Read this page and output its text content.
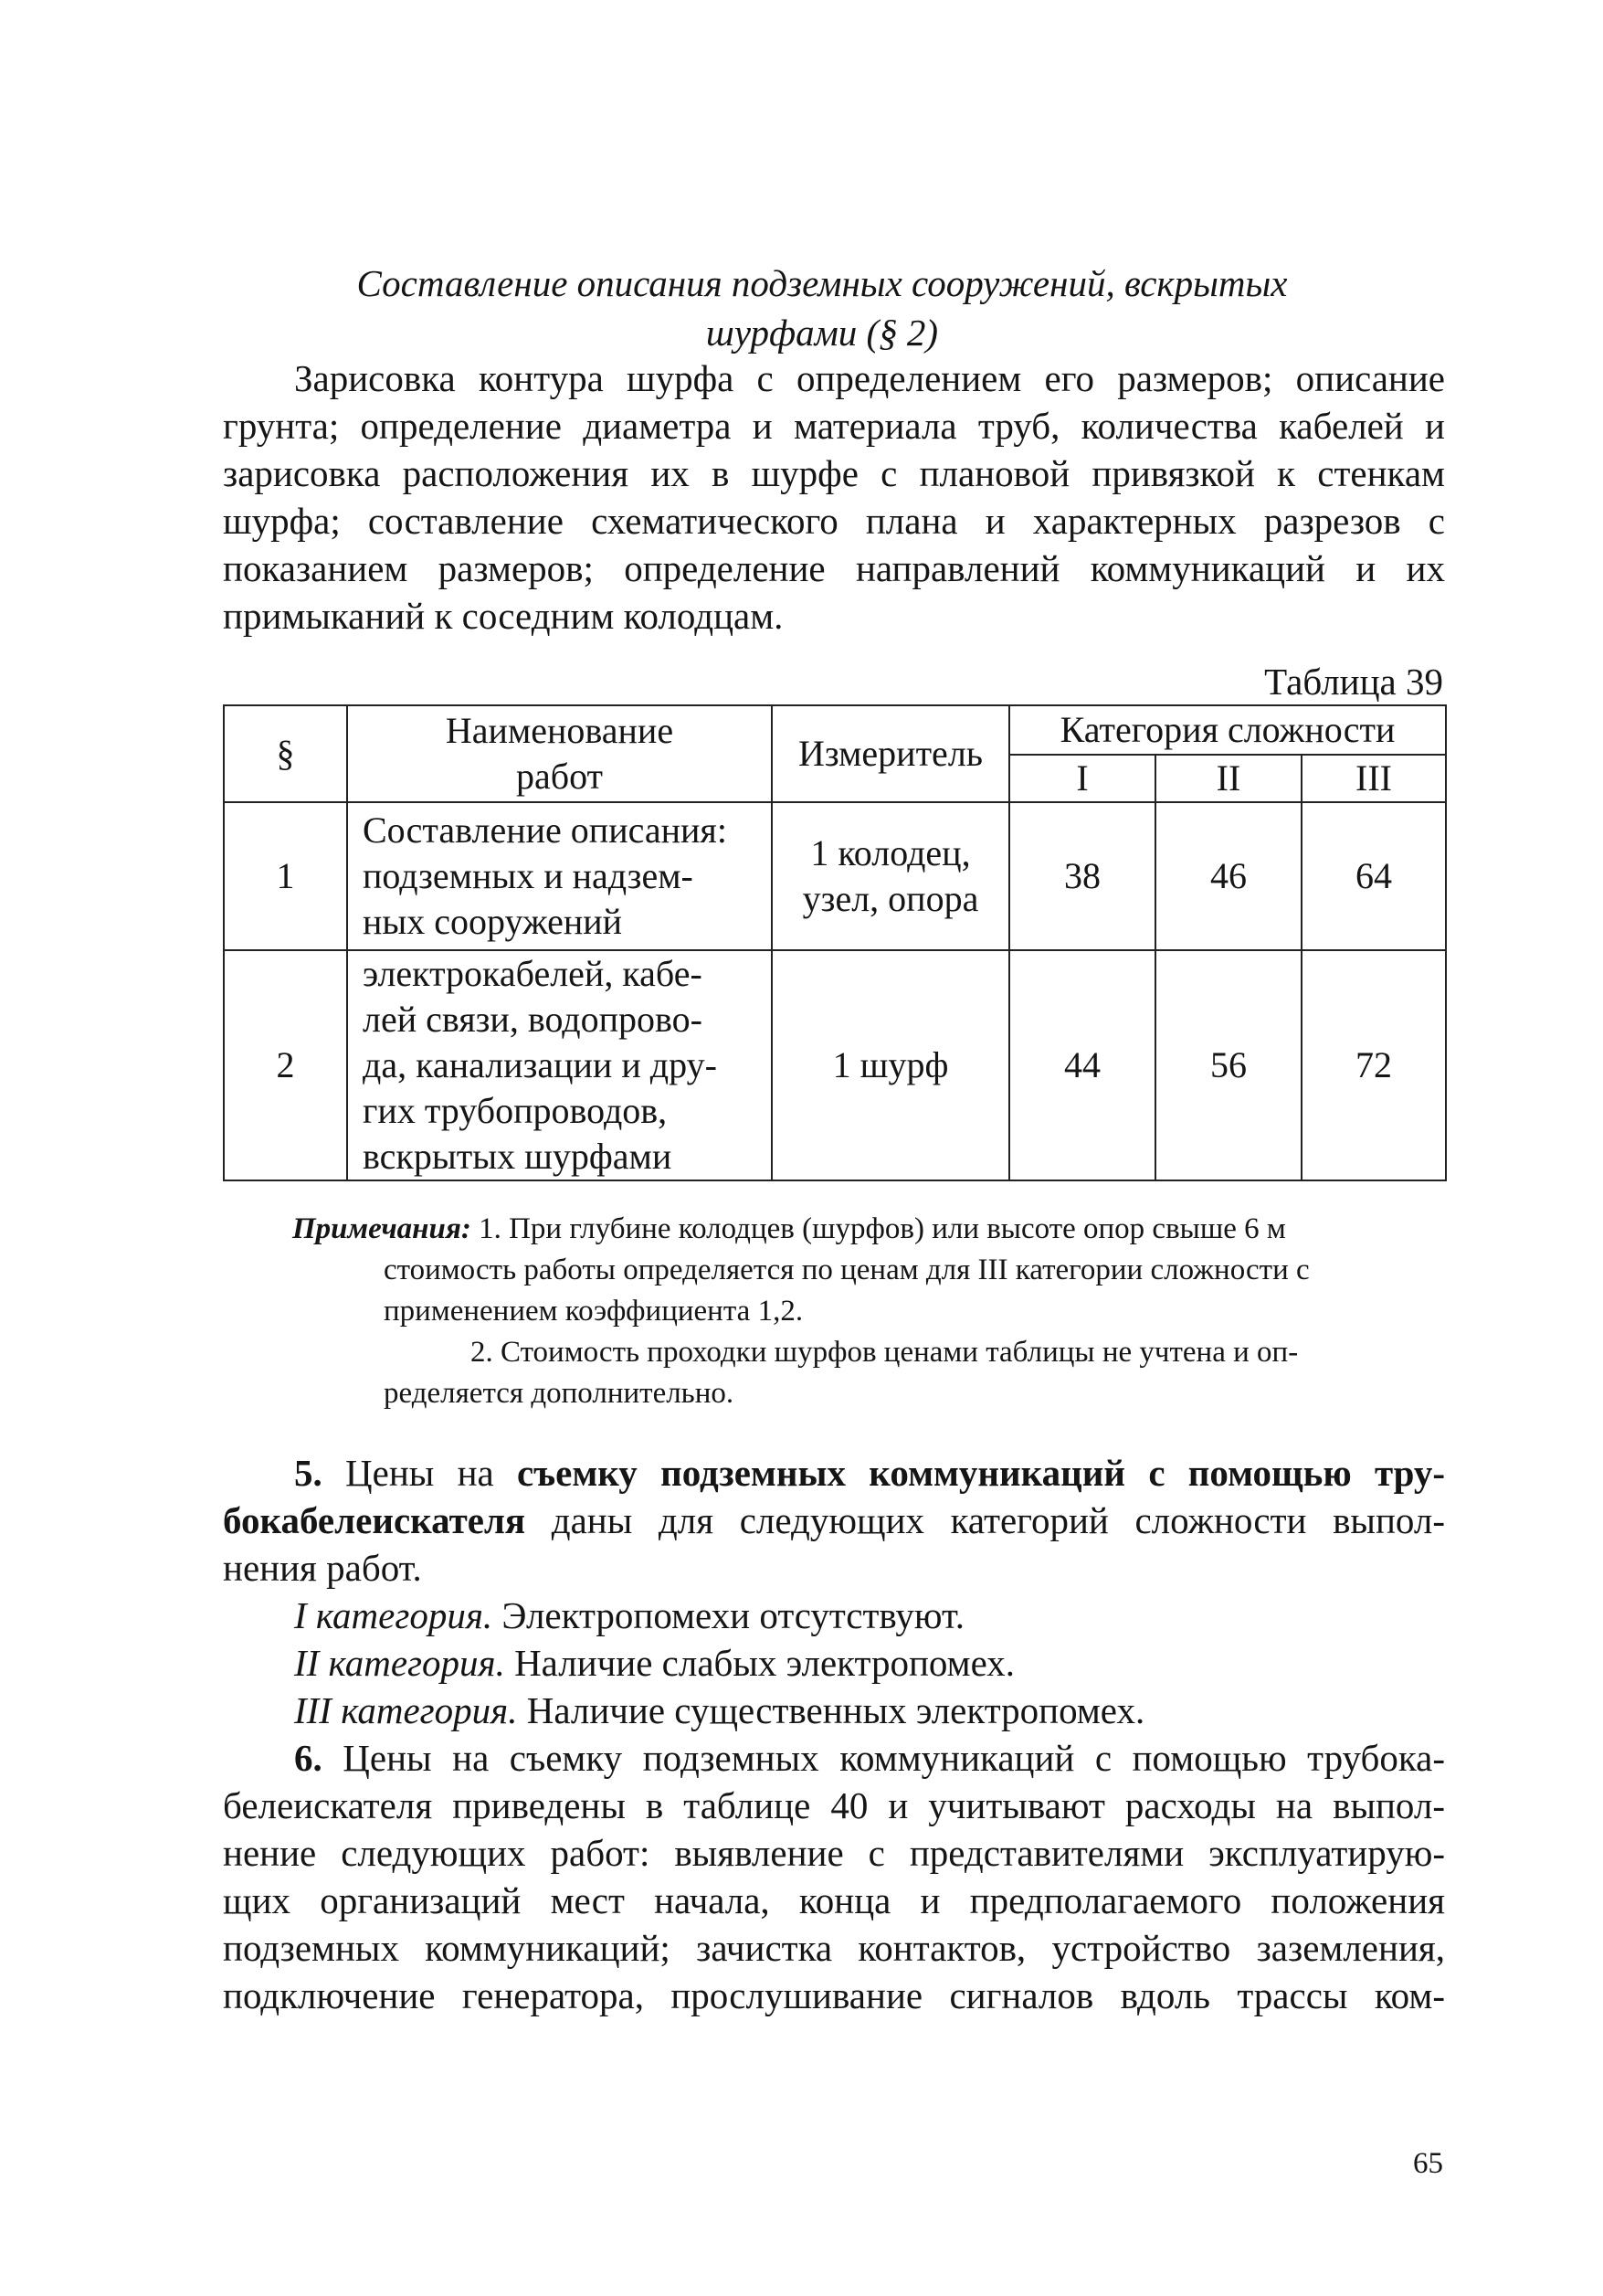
Составление описания подземных сооружений, вскрытых
шурфами (§ 2)
Зарисовка контура шурфа с определением его размеров; описание
грунта; определение диаметра и материала труб, количества кабелей и
зарисовка расположения их в шурфе с плановой привязкой к стенкам
шурфа; составление схематического плана и характерных разрезов с
показанием размеров; определение направлений коммуникаций и их
примыканий к соседним колодцам.
Таблица 39
§	Наименование
работ	Измеритель	Категория сложности		
			I	II	III
1	Составление описания:
подземных и надзем-
ных сооружений	1 колодец,
узел, опора	38	46	64
2	электрокабелей, кабе-
лей связи, водопрово-
да, канализации и дру-
гих трубопроводов,
вскрытых шурфами	1 шурф	44	56	72
Примечания: 1. При глубине колодцев (шурфов) или высоте опор свыше 6 м
стоимость работы определяется по ценам для III категории сложности с
применением коэффициента 1,2.
2. Стоимость проходки шурфов ценами таблицы не учтена и оп-
ределяется дополнительно.
5. Цены на съемку подземных коммуникаций с помощью тру-
бокабелеискателя даны для следующих категорий сложности выпол-
нения работ.
I категория. Электропомехи отсутствуют.
II категория. Наличие слабых электропомех.
III категория. Наличие существенных электропомех.
6. Цены на съемку подземных коммуникаций с помощью трубока-
белеискателя приведены в таблице 40 и учитывают расходы на выпол-
нение следующих работ: выявление с представителями эксплуатирую-
щих организаций мест начала, конца и предполагаемого положения
подземных коммуникаций; зачистка контактов, устройство заземления,
подключение генератора, прослушивание сигналов вдоль трассы ком-
65
